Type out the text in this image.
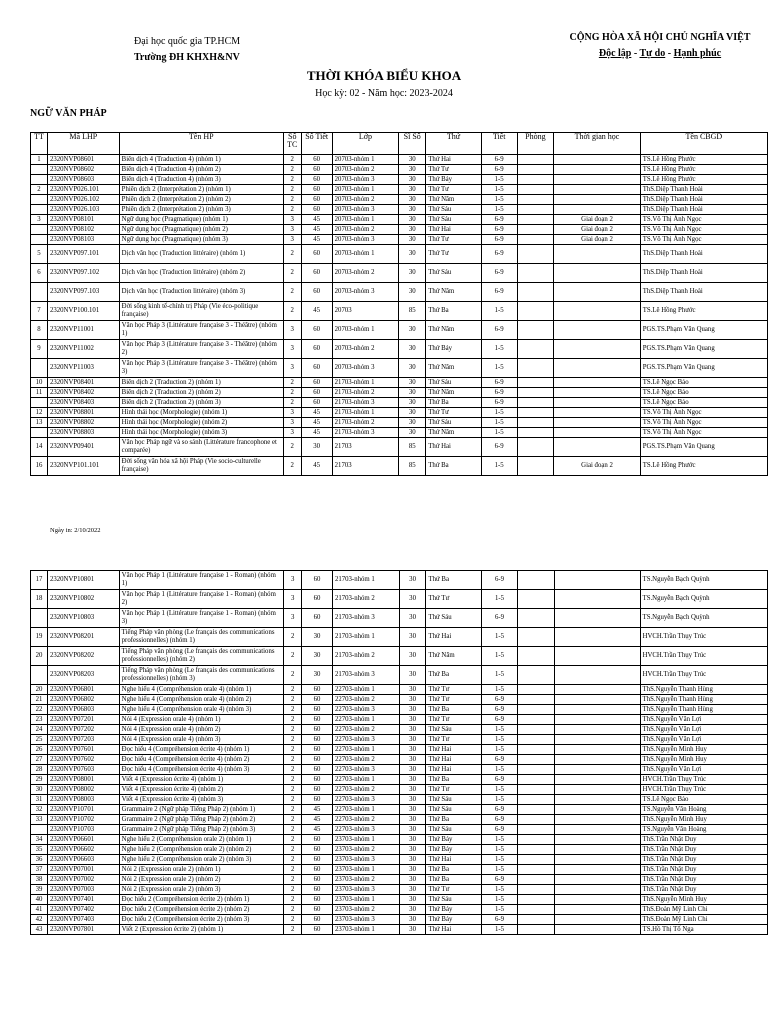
Đại học quốc gia TP.HCM
Trường ĐH KHXH&NV
CỘNG HÒA XÃ HỘI CHỦ NGHĨA VIỆT
Độc lập - Tự do - Hạnh phúc
THỜI KHÓA BIỂU KHOA
Học kỳ: 02 - Năm học: 2023-2024
NGỮ VĂN PHÁP
TT	Mã LHP	Tên HP	Số TC	Số Tiết	Lớp	Sĩ Số	Thứ	Tiết	Phòng	Thời gian học	Tên CBGD
1	2320NVP08601	Biên dịch 4 (Traduction 4) (nhóm 1)	2	60	20703-nhóm 1	30	Thứ Hai	6-9			TS.Lê Hồng Phước
	2320NVP08602	Biên dịch 4 (Traduction 4) (nhóm 2)	2	60	20703-nhóm 2	30	Thứ Tư	6-9			TS.Lê Hồng Phước
	2320NVP08603	Biên dịch 4 (Traduction 4) (nhóm 3)	2	60	20703-nhóm 3	30	Thứ Bảy	1-5			TS.Lê Hồng Phước
2	2320NVP026.101	Phiên dịch 2 (Interprétation 2) (nhóm 1)	2	60	20703-nhóm 1	30	Thứ Tư	1-5			ThS.Diệp Thanh Hoài
	2320NVP026.102	Phiên dịch 2 (Interprétation 2) (nhóm 2)	2	60	20703-nhóm 2	30	Thứ Năm	1-5			ThS.Diệp Thanh Hoài
	2320NVP026.103	Phiên dịch 2 (Interprétation 2) (nhóm 3)	2	60	20703-nhóm 3	30	Thứ Sáu	1-5			ThS.Diệp Thanh Hoài
3	2320NVP08101	Ngữ dụng học (Pragmatique) (nhóm 1)	3	45	20703-nhóm 1	30	Thứ Sáu	6-9		Giai đoạn 2	TS.Võ Thị Ánh Ngọc
	2320NVP08102	Ngữ dụng học (Pragmatique) (nhóm 2)	3	45	20703-nhóm 2	30	Thứ Hai	6-9		Giai đoạn 2	TS.Võ Thị Ánh Ngọc
	2320NVP08103	Ngữ dụng học (Pragmatique) (nhóm 3)	3	45	20703-nhóm 3	30	Thứ Tư	6-9		Giai đoạn 2	TS.Võ Thị Ánh Ngọc
5	2320NVP097.101	Dịch văn học (Traduction littéraire) (nhóm 1)	2	60	20703-nhóm 1	30	Thứ Tư	6-9			ThS.Diệp Thanh Hoài
6	2320NVP097.102	Dịch văn học (Traduction littéraire) (nhóm 2)	2	60	20703-nhóm 2	30	Thứ Sáu	6-9			ThS.Diệp Thanh Hoài
	2320NVP097.103	Dịch văn học (Traduction littéraire) (nhóm 3)	2	60	20703-nhóm 3	30	Thứ Năm	6-9			ThS.Diệp Thanh Hoài
7	2320NVP100.101	Đời sống kinh tế-chính trị Pháp (Vie éco-politique française)	2	45	20703	85	Thứ Ba	1-5			TS.Lê Hồng Phước
8	2320NVP11001	Văn học Pháp 3 (Littérature française 3 - Théâtre) (nhóm 1)	3	60	20703-nhóm 1	30	Thứ Năm	6-9			PGS.TS.Phạm Văn Quang
9	2320NVP11002	Văn học Pháp 3 (Littérature française 3 - Théâtre) (nhóm 2)	3	60	20703-nhóm 2	30	Thứ Bảy	1-5			PGS.TS.Phạm Văn Quang
	2320NVP11003	Văn học Pháp 3 (Littérature française 3 - Théâtre) (nhóm 3)	3	60	20703-nhóm 3	30	Thứ Năm	1-5			PGS.TS.Phạm Văn Quang
10	2320NVP08401	Biên dịch 2 (Traduction 2) (nhóm 1)	2	60	21703-nhóm 1	30	Thứ Sáu	6-9			TS.Lê Ngọc Bảo
11	2320NVP08402	Biên dịch 2 (Traduction 2) (nhóm 2)	2	60	21703-nhóm 2	30	Thứ Năm	6-9			TS.Lê Ngọc Bảo
	2320NVP08403	Biên dịch 2 (Traduction 2) (nhóm 3)	2	60	21703-nhóm 3	30	Thứ Ba	6-9			TS.Lê Ngọc Bảo
12	2320NVP08801	Hình thái học (Morphologie) (nhóm 1)	3	45	21703-nhóm 1	30	Thứ Tư	1-5			TS.Võ Thị Ánh Ngọc
13	2320NVP08802	Hình thái học (Morphologie) (nhóm 2)	3	45	21703-nhóm 2	30	Thứ Sáu	1-5			TS.Võ Thị Ánh Ngọc
	2320NVP08803	Hình thái học (Morphologie) (nhóm 3)	3	45	21703-nhóm 3	30	Thứ Năm	1-5			TS.Võ Thị Ánh Ngọc
14	2320NVP09401	Văn học Pháp ngữ và so sánh (Littérature francophone et comparée)	2	30	21703	85	Thứ Hai	6-9			PGS.TS.Phạm Văn Quang
16	2320NVP101.101	Đời sống văn hóa xã hội Pháp (Vie socio-culturelle française)	2	45	21703	85	Thứ Ba	1-5		Giai đoạn 2	TS.Lê Hồng Phước
Ngày in: 2/10/2022
17	2320NVP10801	Văn học Pháp 1 (Littérature française 1 - Roman) (nhóm 1)	3	60	21703-nhóm 1	30	Thứ Ba	6-9			TS.Nguyễn Bạch Quỳnh
18	2320NVP10802	Văn học Pháp 1 (Littérature française 1 - Roman) (nhóm 2)	3	60	21703-nhóm 2	30	Thứ Tư	1-5			TS.Nguyễn Bạch Quỳnh
	2320NVP10803	Văn học Pháp 1 (Littérature française 1 - Roman) (nhóm 3)	3	60	21703-nhóm 3	30	Thứ Sáu	6-9			TS.Nguyễn Bạch Quỳnh
19	2320NVP08201	Tiếng Pháp văn phòng (Le français des communications professionnelles) (nhóm 1)	2	30	21703-nhóm 1	30	Thứ Hai	1-5			HVCH.Trần Thụy Trúc
20	2320NVP08202	Tiếng Pháp văn phòng (Le français des communications professionnelles) (nhóm 2)	2	30	21703-nhóm 2	30	Thứ Năm	1-5			HVCH.Trần Thụy Trúc
	2320NVP08203	Tiếng Pháp văn phòng (Le français des communications professionnelles) (nhóm 3)	2	30	21703-nhóm 3	30	Thứ Ba	1-5			HVCH.Trần Thụy Trúc
20	2320NVP06801	Nghe hiểu 4 (Compréhension orale 4) (nhóm 1)	2	60	22703-nhóm 1	30	Thứ Tư	1-5			ThS.Nguyễn Thanh Hùng
21	2320NVP06802	Nghe hiểu 4 (Compréhension orale 4) (nhóm 2)	2	60	22703-nhóm 2	30	Thứ Tư	6-9			ThS.Nguyễn Thanh Hùng
22	2320NVP06803	Nghe hiểu 4 (Compréhension orale 4) (nhóm 3)	2	60	22703-nhóm 3	30	Thứ Ba	6-9			ThS.Nguyễn Thanh Hùng
23	2320NVP07201	Nói 4 (Expression orale 4) (nhóm 1)	2	60	22703-nhóm 1	30	Thứ Tư	6-9			ThS.Nguyễn Văn Lợi
24	2320NVP07202	Nói 4 (Expression orale 4) (nhóm 2)	2	60	22703-nhóm 2	30	Thứ Sáu	1-5			ThS.Nguyễn Văn Lợi
25	2320NVP07203	Nói 4 (Expression orale 4) (nhóm 3)	2	60	22703-nhóm 3	30	Thứ Tư	1-5			ThS.Nguyễn Văn Lợi
26	2320NVP07601	Đọc hiểu 4 (Compréhension écrite 4) (nhóm 1)	2	60	22703-nhóm 1	30	Thứ Hai	1-5			ThS.Nguyễn Minh Huy
27	2320NVP07602	Đọc hiểu 4 (Compréhension écrite 4) (nhóm 2)	2	60	22703-nhóm 2	30	Thứ Hai	6-9			ThS.Nguyễn Minh Huy
28	2320NVP07603	Đọc hiểu 4 (Compréhension écrite 4) (nhóm 3)	2	60	22703-nhóm 3	30	Thứ Hai	1-5			ThS.Nguyễn Văn Lợi
29	2320NVP08001	Viết 4 (Expression écrite 4) (nhóm 1)	2	60	22703-nhóm 1	30	Thứ Ba	6-9			HVCH.Trần Thụy Trúc
30	2320NVP08002	Viết 4 (Expression écrite 4) (nhóm 2)	2	60	22703-nhóm 2	30	Thứ Tư	1-5			HVCH.Trần Thụy Trúc
31	2320NVP08003	Viết 4 (Expression écrite 4) (nhóm 3)	2	60	22703-nhóm 3	30	Thứ Sáu	1-5			TS.Lê Ngọc Bảo
32	2320NVP10701	Grammaire 2 (Ngữ pháp Tiếng Pháp 2) (nhóm 1)	2	45	22703-nhóm 1	30	Thứ Sáu	6-9			TS.Nguyễn Văn Hoàng
33	2320NVP10702	Grammaire 2 (Ngữ pháp Tiếng Pháp 2) (nhóm 2)	2	45	22703-nhóm 2	30	Thứ Ba	6-9			ThS.Nguyễn Minh Huy
	2320NVP10703	Grammaire 2 (Ngữ pháp Tiếng Pháp 2) (nhóm 3)	2	45	22703-nhóm 3	30	Thứ Sáu	6-9			TS.Nguyễn Văn Hoàng
34	2320NVP06601	Nghe hiểu 2 (Compréhension orale 2) (nhóm 1)	2	60	23703-nhóm 1	30	Thứ Bảy	1-5			ThS.Trần Nhật Duy
35	2320NVP06602	Nghe hiểu 2 (Compréhension orale 2) (nhóm 2)	2	60	23703-nhóm 2	30	Thứ Bảy	1-5			ThS.Trần Nhật Duy
36	2320NVP06603	Nghe hiểu 2 (Compréhension orale 2) (nhóm 3)	2	60	23703-nhóm 3	30	Thứ Hai	1-5			ThS.Trần Nhật Duy
37	2320NVP07001	Nói 2 (Expression orale 2) (nhóm 1)	2	60	23703-nhóm 1	30	Thứ Ba	1-5			ThS.Trần Nhật Duy
38	2320NVP07002	Nói 2 (Expression orale 2) (nhóm 2)	2	60	23703-nhóm 2	30	Thứ Ba	6-9			ThS.Trần Nhật Duy
39	2320NVP07003	Nói 2 (Expression orale 2) (nhóm 3)	2	60	23703-nhóm 3	30	Thứ Tư	1-5			ThS.Trần Nhật Duy
40	2320NVP07401	Đọc hiểu 2 (Compréhension écrite 2) (nhóm 1)	2	60	23703-nhóm 1	30	Thứ Sáu	1-5			ThS.Nguyễn Minh Huy
41	2320NVP07402	Đọc hiểu 2 (Compréhension écrite 2) (nhóm 2)	2	60	23703-nhóm 2	30	Thứ Bảy	1-5			ThS.Đoàn Mỹ Linh Chi
42	2320NVP07403	Đọc hiểu 2 (Compréhension écrite 2) (nhóm 3)	2	60	23703-nhóm 3	30	Thứ Bảy	6-9			ThS.Đoàn Mỹ Linh Chi
43	2320NVP07801	Viết 2 (Expression écrite 2) (nhóm 1)	2	60	23703-nhóm 1	30	Thứ Hai	1-5			TS.Hồ Thị Tố Nga
